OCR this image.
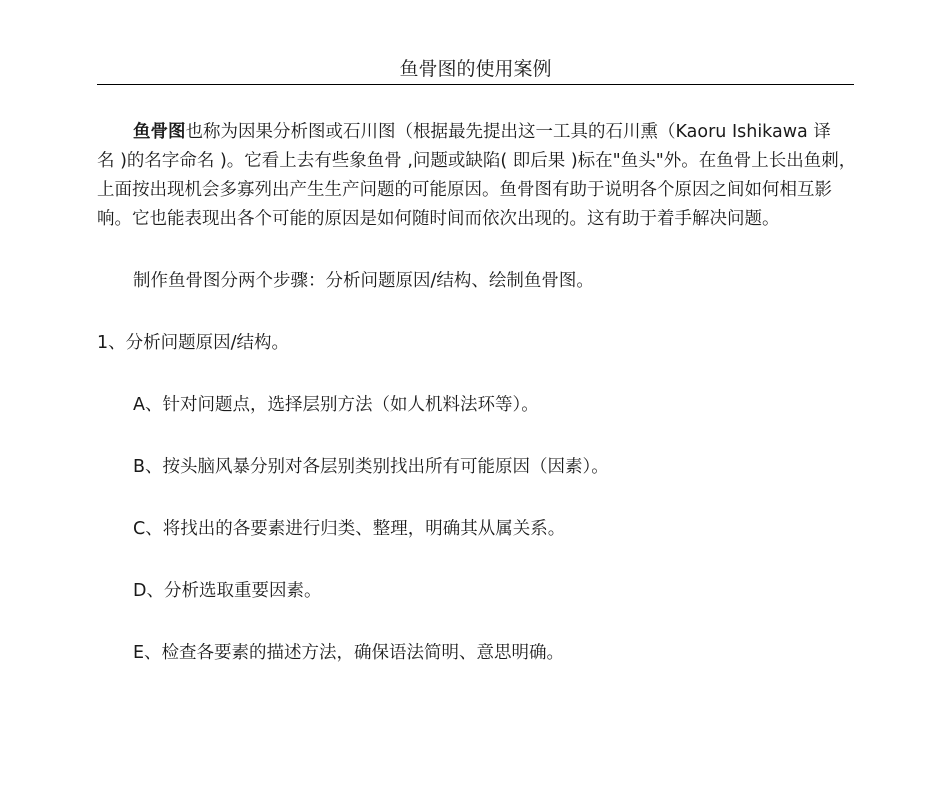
鱼骨图的使用案例

鱼骨图也称为因果分析图或石川图（根据最先提出这一工具的石川熏（Kaoru Ishikawa 译
名 )的名字命名 )。它看上去有些象鱼骨 ,问题或缺陷( 即后果 )标在"鱼头"外。在鱼骨上长出鱼刺，
上面按出现机会多寡列出产生生产问题的可能原因。鱼骨图有助于说明各个原因之间如何相互影
响。它也能表现出各个可能的原因是如何随时间而依次出现的。这有助于着手解决问题。

制作鱼骨图分两个步骤：分析问题原因/结构、绘制鱼骨图。

1、分析问题原因/结构。

A、针对问题点，选择层别方法（如人机料法环等）。

B、按头脑风暴分别对各层别类别找出所有可能原因（因素）。

C、将找出的各要素进行归类、整理，明确其从属关系。

D、分析选取重要因素。

E、检查各要素的描述方法，确保语法简明、意思明确。
